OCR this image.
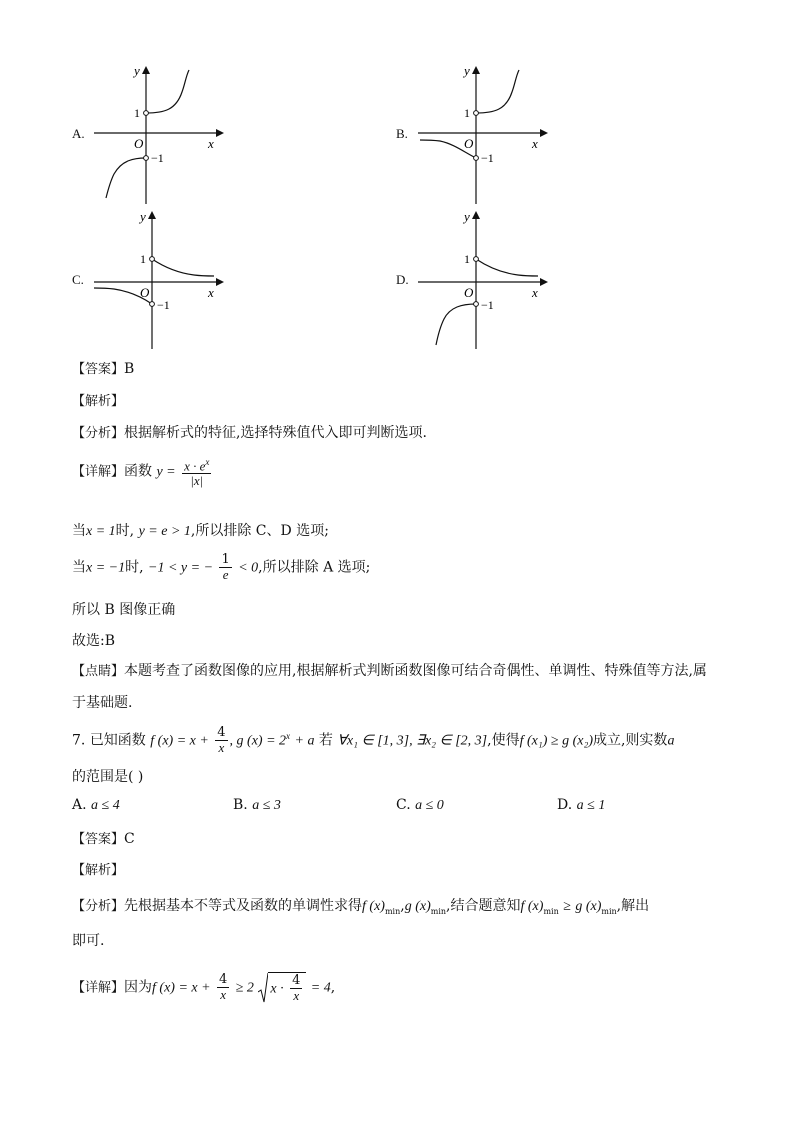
A.
y
x
O
1
−1
B.
y
x
O
1
−1
C.
y
x
O
1
−1
D.
y
x
O
1
−1
【答案】B
【解析】
【分析】根据解析式的特征,选择特殊值代入即可判断选项.
【详解】函数 $y = \frac{x \cdot e^x}{|x|}$
当x = 1时, y = e > 1,所以排除 C、D 选项;
当x = −1时, −1 < y = − $\frac{1}{e} < 0$,所以排除 A 选项;
所以 B 图像正确
故选:B
【点睛】本题考查了函数图像的应用,根据解析式判断函数图像可结合奇偶性、单调性、特殊值等方法,属
于基础题.
7. 已知函数 f $(x) = x + \frac{4}{x}$ , g $(x) = 2^x + a$ 若 ∀x₁ ∈ [1, 3], ∃x₂ ∈ [2, 3],使得f (x₁) ≥ g (x₂)成立,则实数a
的范围是( )
A. a ≤ 4	B. a ≤ 3	C. a ≤ 0	D. a ≤ 1
【答案】C
【解析】
【分析】先根据基本不等式及函数的单调性求得f $(x)_{min},g$ $(x)_{min}$,结合题意知f $(x)_{min} \ge g$ $(x)_{min}$,解出
即可.
【详解】因为f $(x) = x + \frac{4}{x} \ge 2$ $x \cdot \frac{4}{x} = 4$,
